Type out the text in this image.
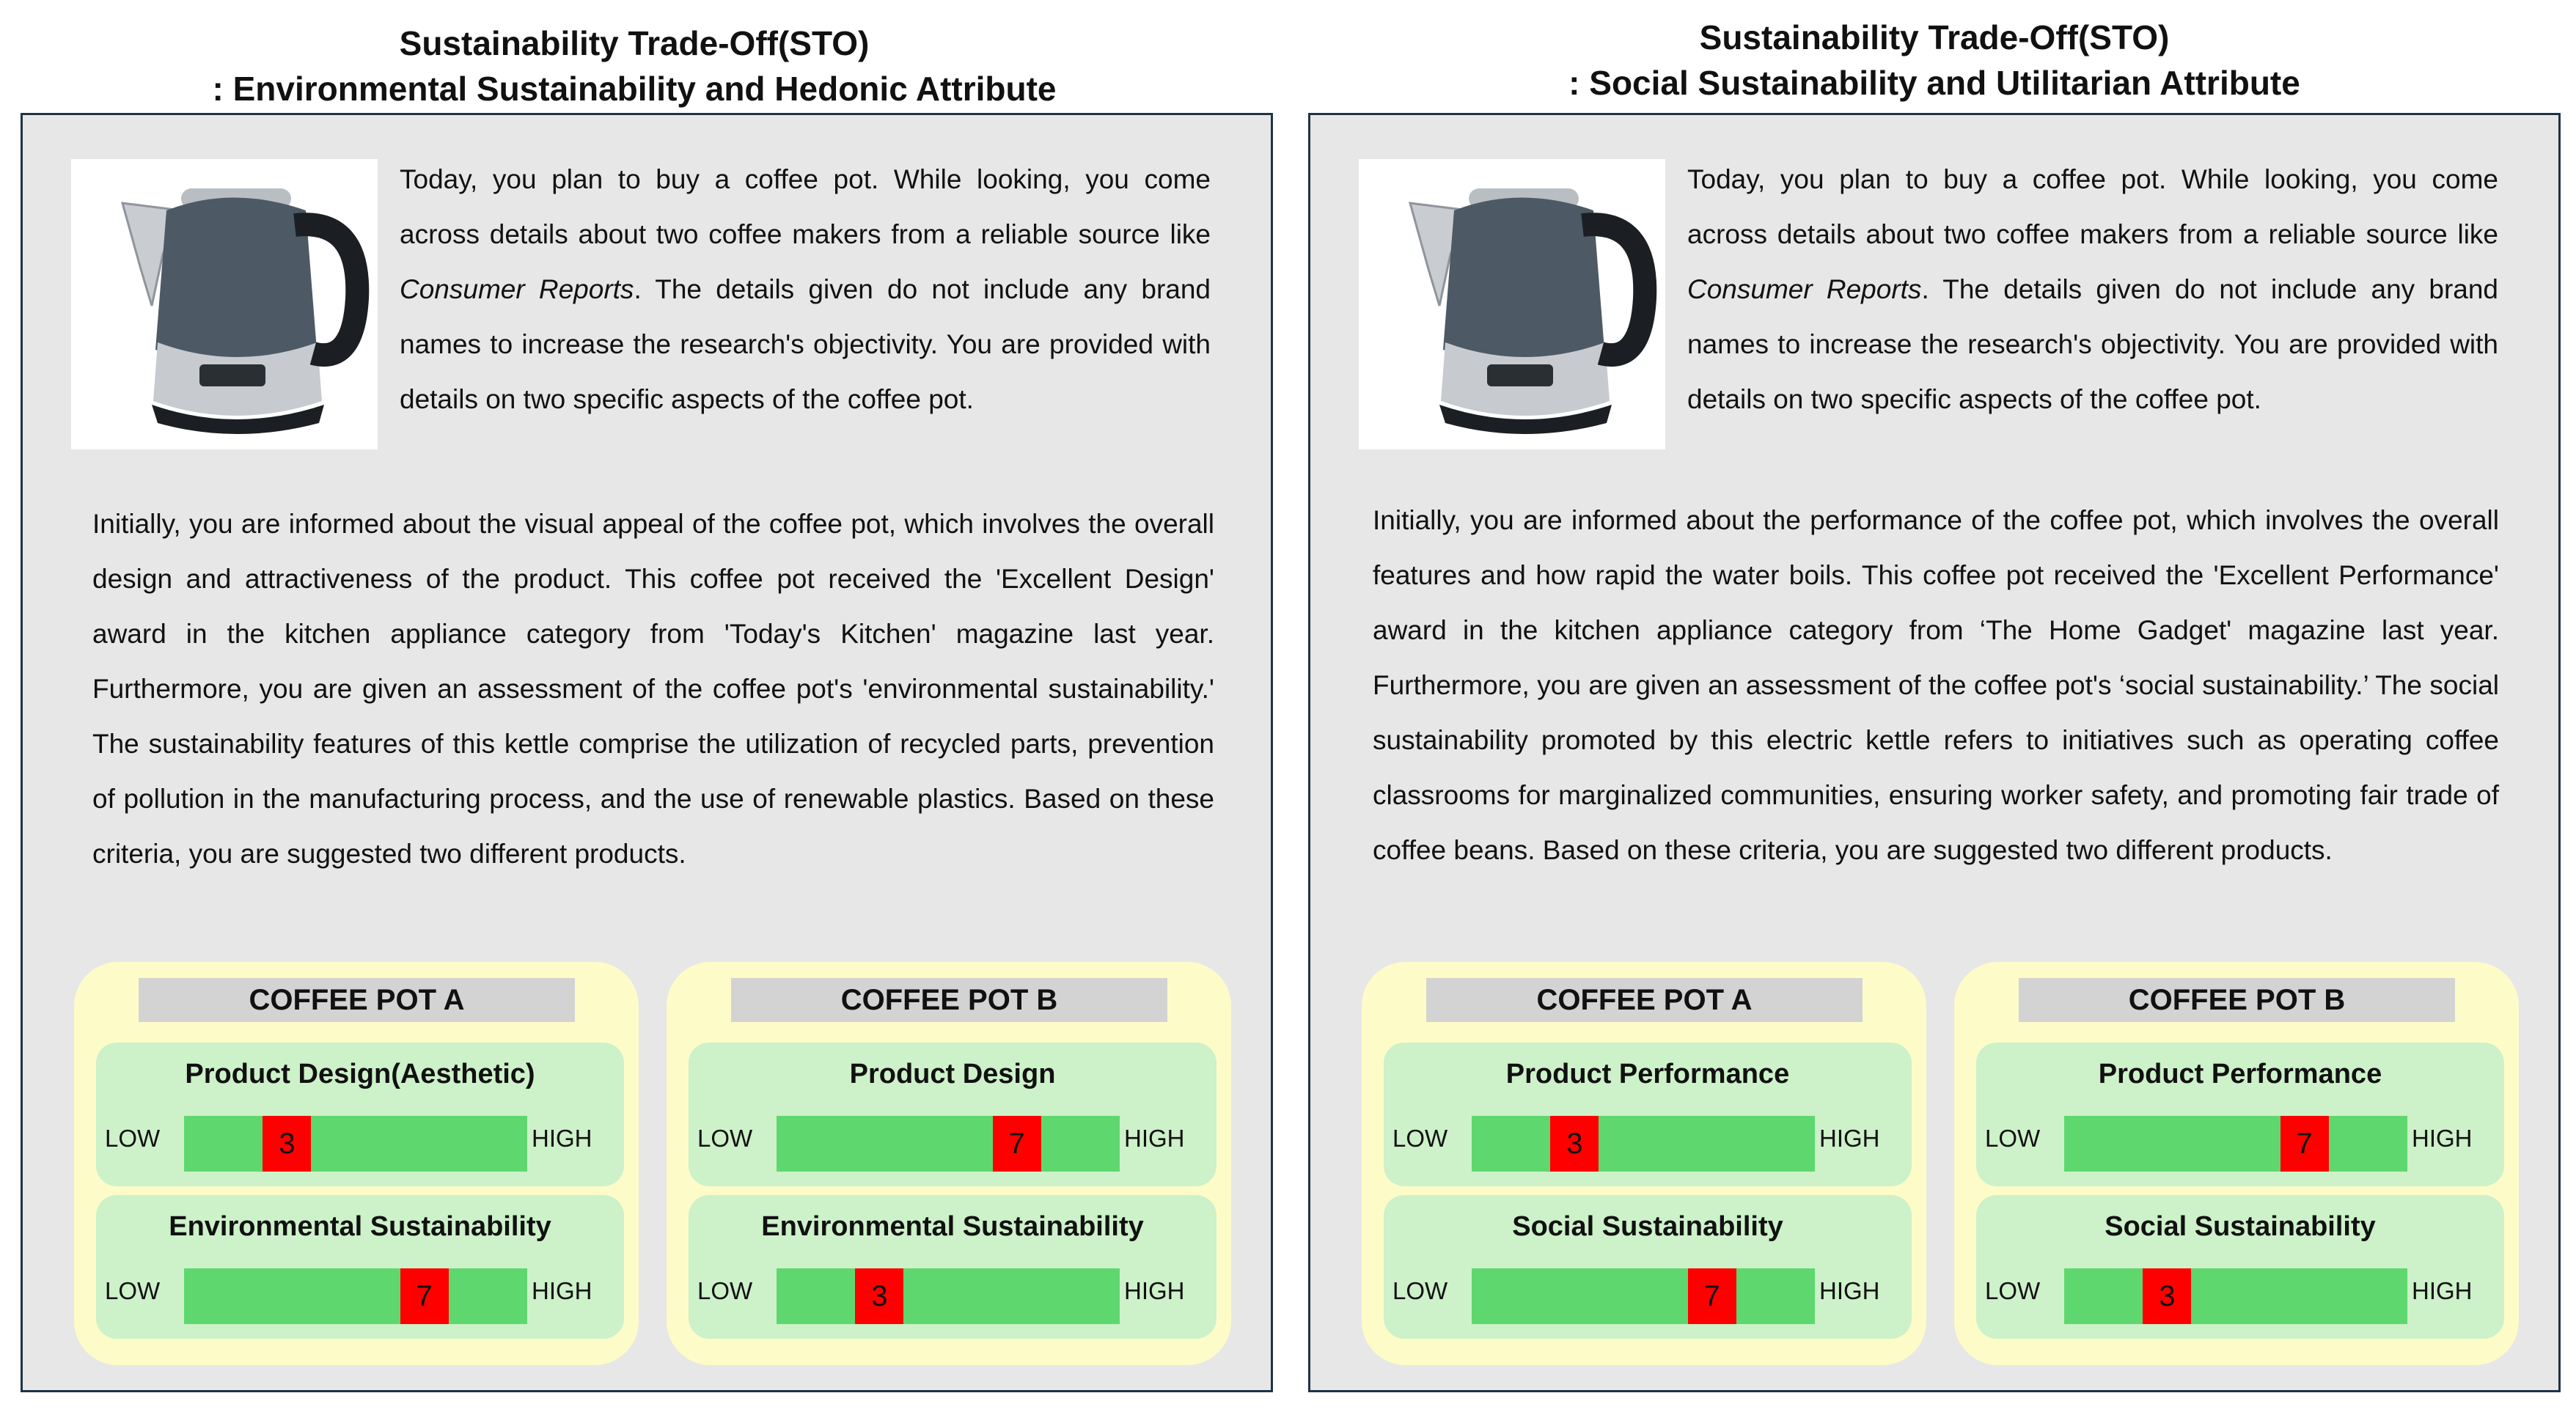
Sustainability Trade-Off(STO)
: Environmental Sustainability and Hedonic Attribute
Today, you plan to buy a coffee pot. While looking, you come across details about two coffee makers from a reliable source like Consumer Reports. The details given do not include any brand names to increase the research's objectivity. You are provided with details on two specific aspects of the coffee pot.
Initially, you are informed about the visual appeal of the coffee pot, which involves the overall design and attractiveness of the product. This coffee pot received the 'Excellent Design' award in the kitchen appliance category from 'Today's Kitchen' magazine last year. Furthermore, you are given an assessment of the coffee pot's 'environmental sustainability.' The sustainability features of this kettle comprise the utilization of recycled parts, prevention of pollution in the manufacturing process, and the use of renewable plastics. Based on these criteria, you are suggested two different products.
COFFEE POT A
Product Design(Aesthetic)
LOW	3	HIGH
Environmental Sustainability
LOW	7	HIGH
COFFEE POT B
Product Design
LOW	7	HIGH
Environmental Sustainability
LOW	3	HIGH
Sustainability Trade-Off(STO)
: Social Sustainability and Utilitarian Attribute
Today, you plan to buy a coffee pot. While looking, you come across details about two coffee makers from a reliable source like Consumer Reports. The details given do not include any brand names to increase the research's objectivity. You are provided with details on two specific aspects of the coffee pot.
Initially, you are informed about the performance of the coffee pot, which involves the overall features and how rapid the water boils. This coffee pot received the 'Excellent Performance' award in the kitchen appliance category from ‘The Home Gadget' magazine last year. Furthermore, you are given an assessment of the coffee pot's ‘social sustainability.’ The social sustainability promoted by this electric kettle refers to initiatives such as operating coffee classrooms for marginalized communities, ensuring worker safety, and promoting fair trade of coffee beans. Based on these criteria, you are suggested two different products.
COFFEE POT A
Product Performance
LOW	3	HIGH
Social Sustainability
LOW	7	HIGH
COFFEE POT B
Product Performance
LOW	7	HIGH
Social Sustainability
LOW	3	HIGH
